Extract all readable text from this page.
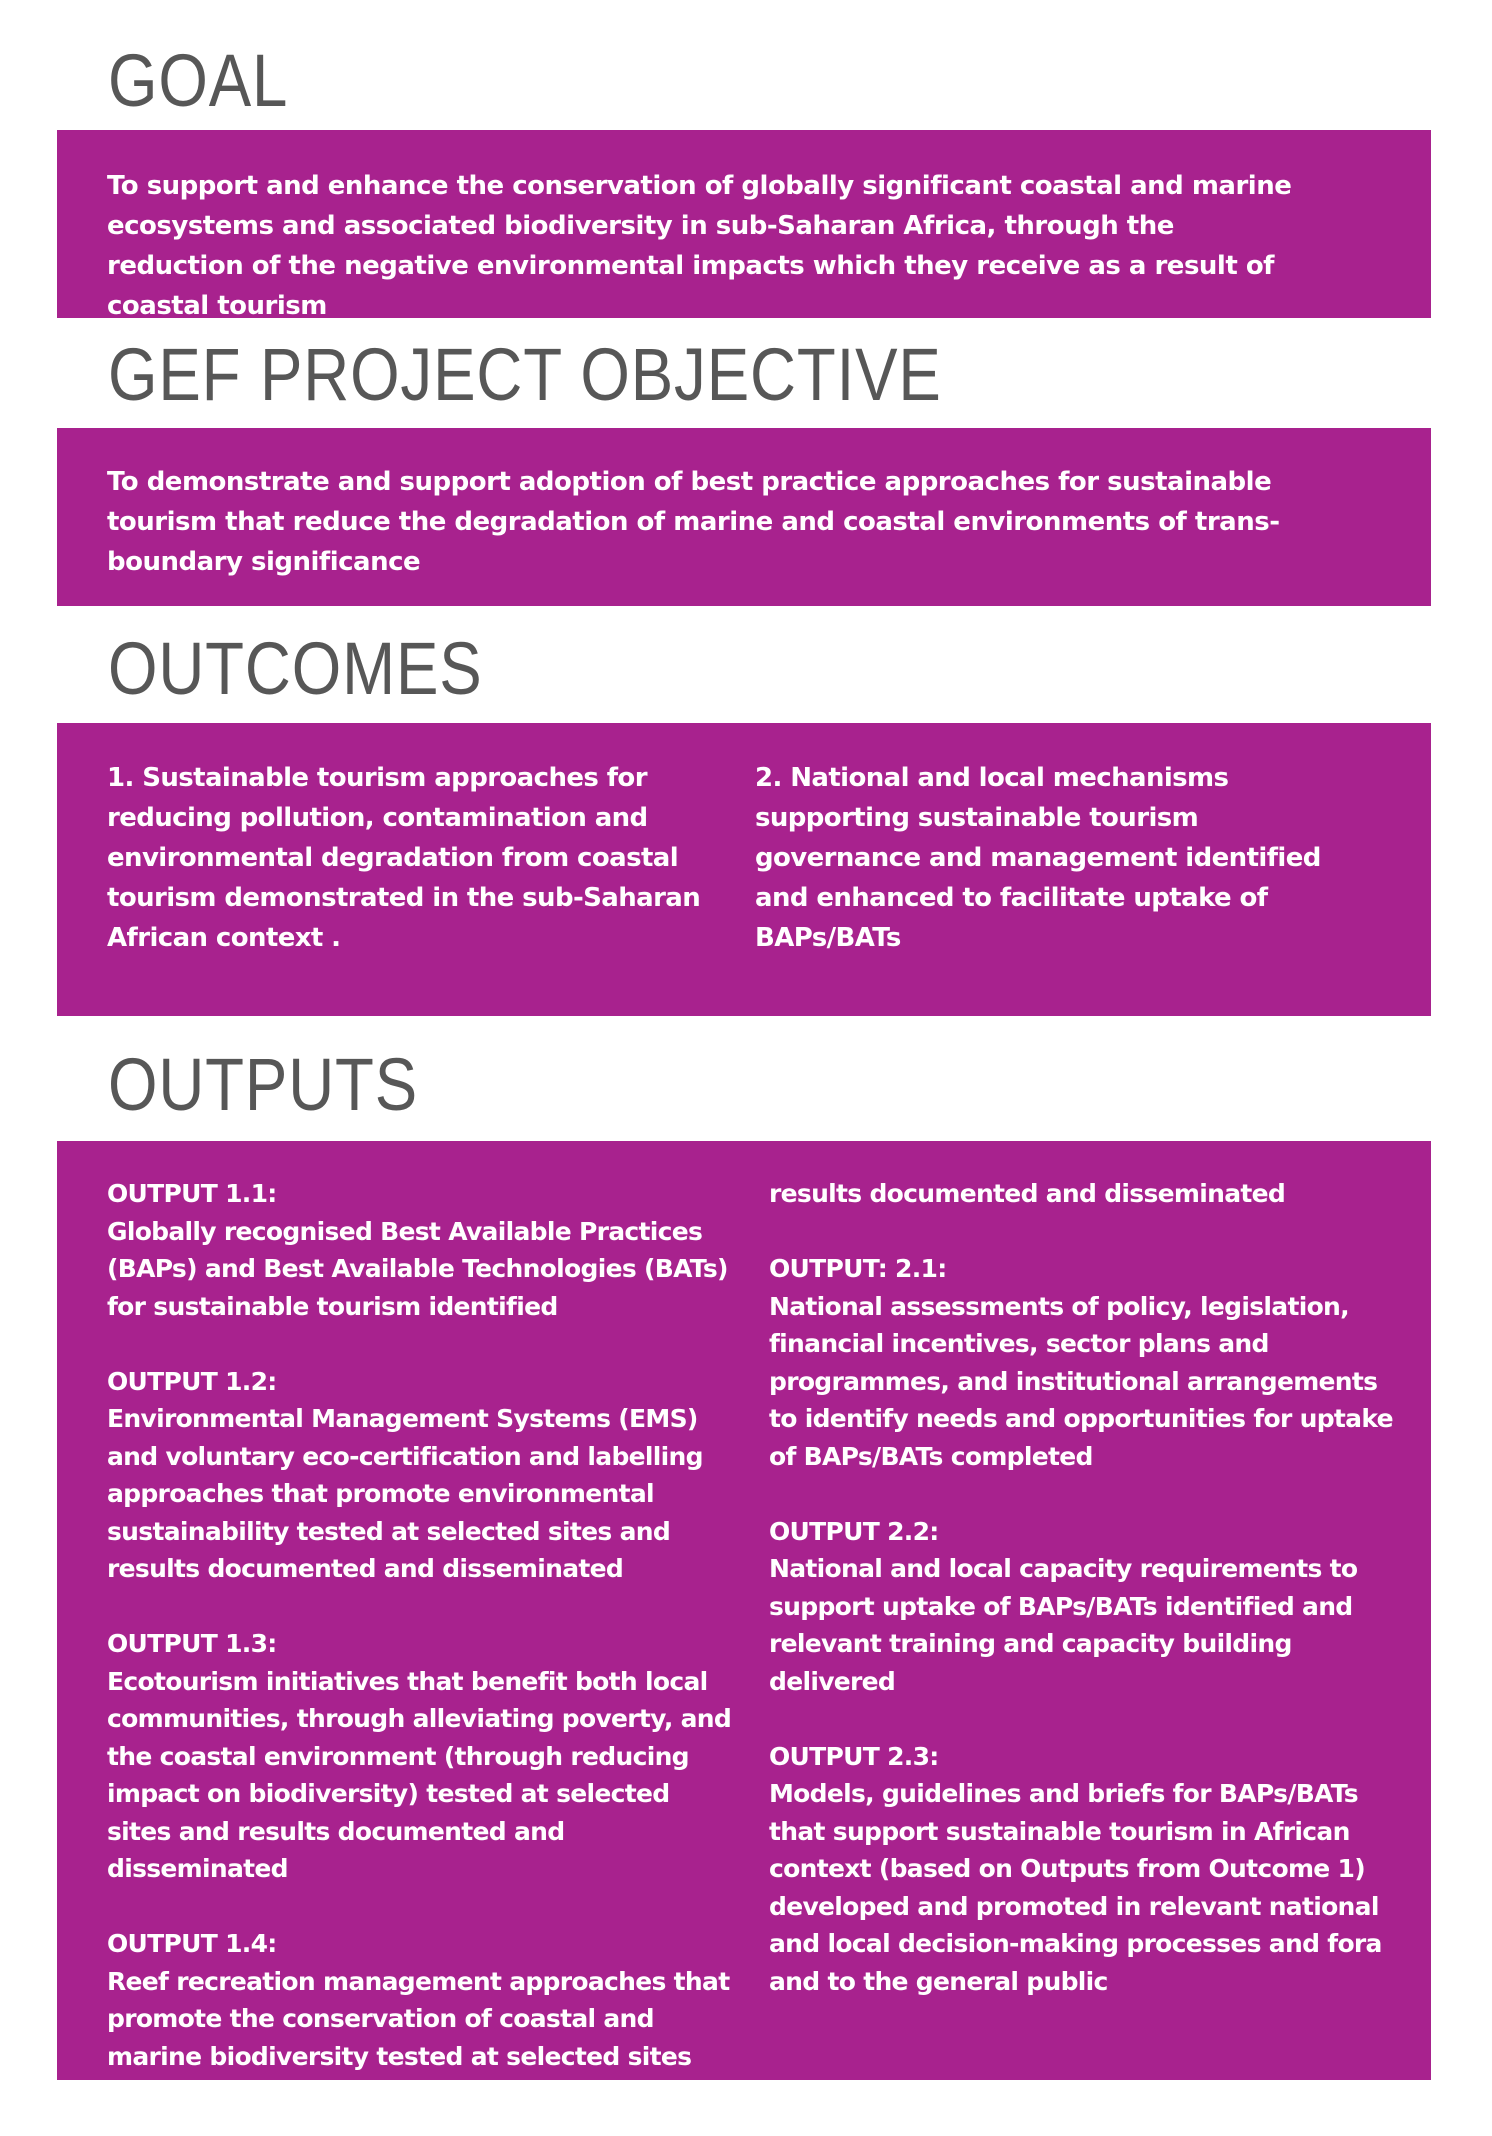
GOAL

To support and enhance the conservation of globally significant coastal and marine ecosystems and associated biodiversity in sub-Saharan Africa, through the reduction of the negative environmental impacts which they receive as a result of coastal tourism

GEF PROJECT OBJECTIVE

To demonstrate and support adoption of best practice approaches for sustainable tourism that reduce the degradation of marine and coastal environments of trans-boundary significance

OUTCOMES

1. Sustainable tourism approaches for reducing pollution, contamination and environmental degradation from coastal tourism demonstrated in the sub-Saharan African context .

2. National and local mechanisms supporting sustainable tourism governance and management identified and enhanced to facilitate uptake of BAPs/BATs

OUTPUTS
OUTPUT 1.1:
Globally recognised Best Available Practices (BAPs) and Best Available Technologies (BATs) for sustainable tourism identified
OUTPUT 1.2:
Environmental Management Systems (EMS) and voluntary eco-certification and labelling approaches that promote environmental sustainability tested at selected sites and results documented and disseminated
OUTPUT 1.3:
Ecotourism initiatives that benefit both local communities, through alleviating poverty, and the coastal environment (through reducing impact on biodiversity) tested at selected sites and results documented and disseminated
OUTPUT 1.4:
Reef recreation management approaches that promote the conservation of coastal and marine biodiversity tested at selected sites and
results documented and disseminated
OUTPUT: 2.1:
National assessments of policy, legislation, financial incentives, sector plans and programmes, and institutional arrangements to identify needs and opportunities for uptake of BAPs/BATs completed
OUTPUT 2.2:
National and local capacity requirements to support uptake of BAPs/BATs identified and relevant training and capacity building delivered
OUTPUT 2.3:
Models, guidelines and briefs for BAPs/BATs that support sustainable tourism in African context (based on Outputs from Outcome 1) developed and promoted in relevant national and local decision-making processes and fora and to the general public
